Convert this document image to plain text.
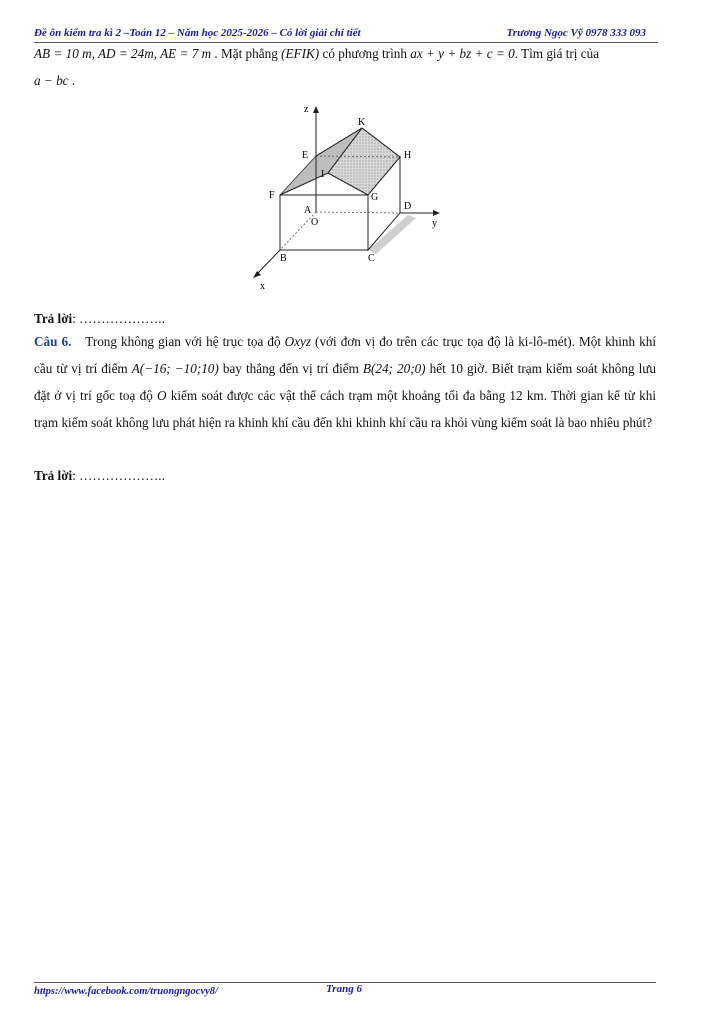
Đề ôn kiểm tra kì 2 –Toán 12 – Năm học 2025-2026 – Có lời giải chi tiết	Trương Ngọc Vỹ 0978 333 093
AB = 10 m, AD = 24m, AE = 7 m . Mặt phẳng (EFIK) có phương trình ax + y + bz + c = 0. Tìm giá trị của
a − bc .
z
K
E	H
I
F	G
A
O
D
y
B	C
x
Trả lời: ………………..
Câu 6. Trong không gian với hệ trục tọa độ Oxyz (với đơn vị đo trên các trục tọa độ là ki-lô-mét). Một khinh khí cầu từ vị trí điểm A(−16; −10;10) bay thẳng đến vị trí điểm B(24; 20;0) hết 10 giờ. Biết trạm kiểm soát không lưu đặt ở vị trí gốc toạ độ O kiểm soát được các vật thể cách trạm một khoảng tối đa bằng 12 km. Thời gian kể từ khi trạm kiểm soát không lưu phát hiện ra khinh khí cầu đến khi khinh khí cầu ra khỏi vùng kiểm soát là bao nhiêu phút?
Trả lời: ………………..
https://www.facebook.com/truongngocvy8/	Trang 6
